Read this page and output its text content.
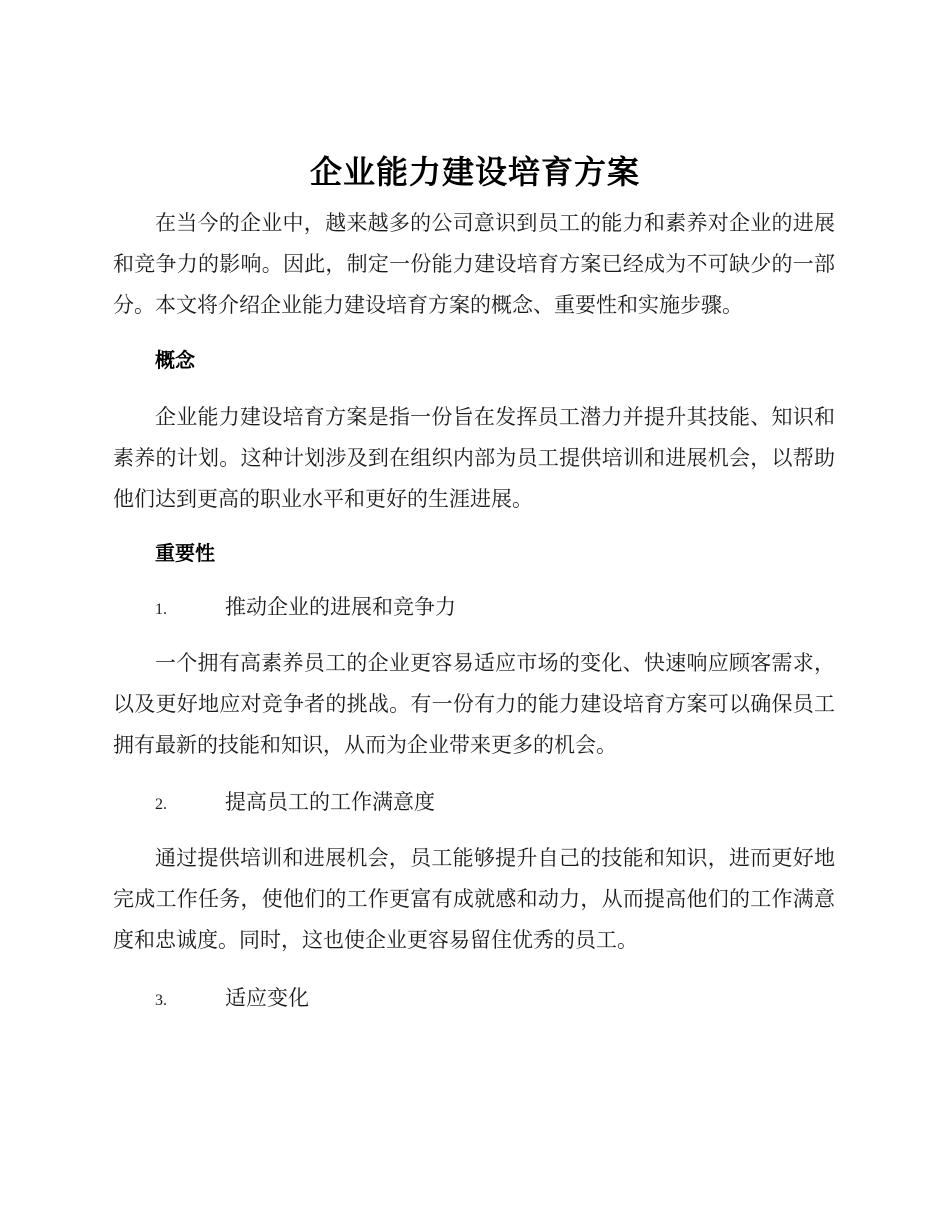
企业能力建设培育方案

在当今的企业中，越来越多的公司意识到员工的能力和素养对企业的进展和竞争力的影响。因此，制定一份能力建设培育方案已经成为不可缺少的一部分。本文将介绍企业能力建设培育方案的概念、重要性和实施步骤。

概念

企业能力建设培育方案是指一份旨在发挥员工潜力并提升其技能、知识和素养的计划。这种计划涉及到在组织内部为员工提供培训和进展机会，以帮助他们达到更高的职业水平和更好的生涯进展。

重要性

1.	推动企业的进展和竞争力

一个拥有高素养员工的企业更容易适应市场的变化、快速响应顾客需求，以及更好地应对竞争者的挑战。有一份有力的能力建设培育方案可以确保员工拥有最新的技能和知识，从而为企业带来更多的机会。

2.	提高员工的工作满意度

通过提供培训和进展机会，员工能够提升自己的技能和知识，进而更好地完成工作任务，使他们的工作更富有成就感和动力，从而提高他们的工作满意度和忠诚度。同时，这也使企业更容易留住优秀的员工。

3.	适应变化
